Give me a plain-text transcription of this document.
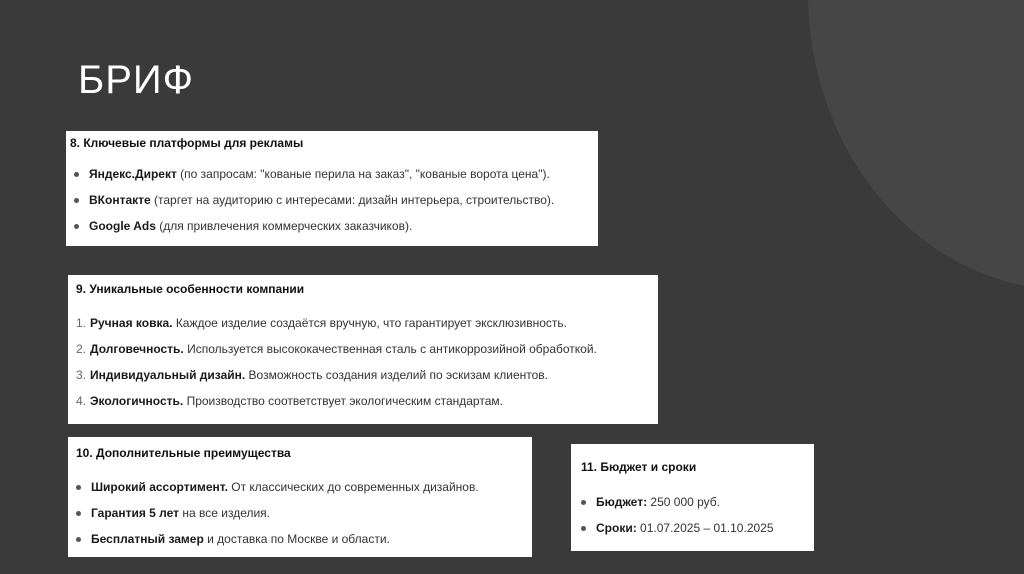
БРИФ
8. Ключевые платформы для рекламы
Яндекс.Директ (по запросам: "кованые перила на заказ", "кованые ворота цена").
ВКонтакте (таргет на аудиторию с интересами: дизайн интерьера, строительство).
Google Ads (для привлечения коммерческих заказчиков).
9. Уникальные особенности компании
1. Ручная ковка. Каждое изделие создаётся вручную, что гарантирует эксклюзивность.
2. Долговечность. Используется высококачественная сталь с антикоррозийной обработкой.
3. Индивидуальный дизайн. Возможность создания изделий по эскизам клиентов.
4. Экологичность. Производство соответствует экологическим стандартам.
10. Дополнительные преимущества
Широкий ассортимент. От классических до современных дизайнов.
Гарантия 5 лет на все изделия.
Бесплатный замер и доставка по Москве и области.
11. Бюджет и сроки
Бюджет: 250 000 руб.
Сроки: 01.07.2025 – 01.10.2025
